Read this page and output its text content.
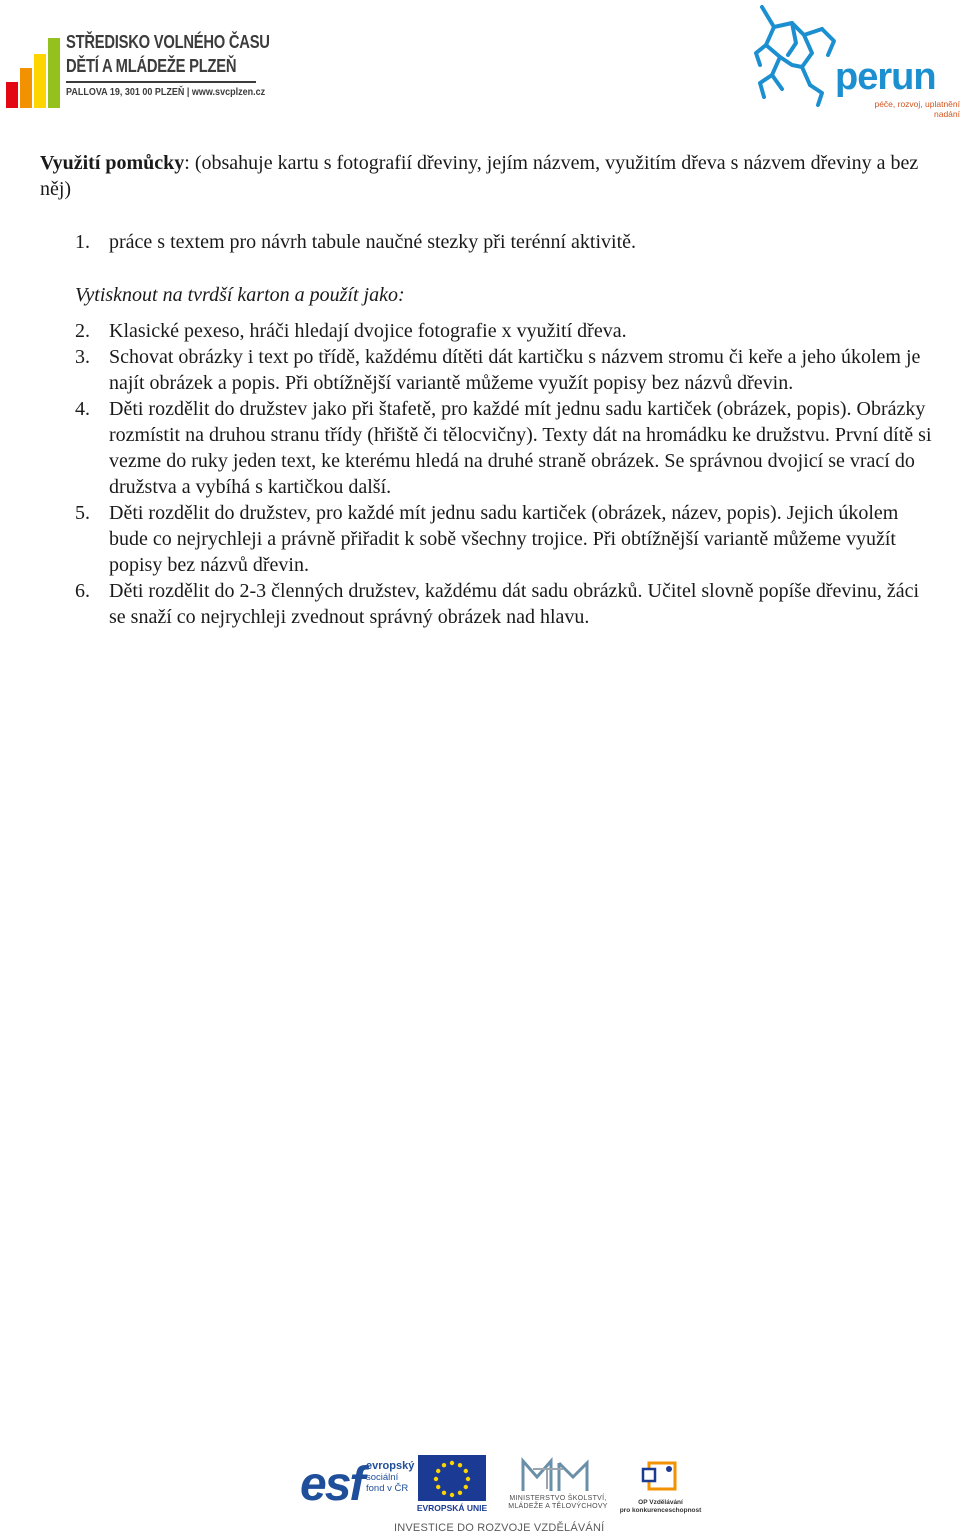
STŘEDISKO VOLNÉHO ČASU
DĚTÍ A MLÁDEŽE PLZEŇ
PALLOVA 19, 301 00 PLZEŇ | www.svcplzen.cz	perun
péče, rozvoj, uplatnění
nadání

Využití pomůcky: (obsahuje kartu s fotografií dřeviny, jejím názvem, využitím dřeva s názvem dřeviny a bez něj)

1. práce s textem pro návrh tabule naučné stezky při terénní aktivitě.

Vytisknout na tvrdší karton a použít jako:

2. Klasické pexeso, hráči hledají dvojice fotografie x využití dřeva.

3. Schovat obrázky i text po třídě, každému dítěti dát kartičku s názvem stromu či keře a jeho úkolem je najít obrázek a popis. Při obtížnější variantě můžeme využít popisy bez názvů dřevin.

4. Děti rozdělit do družstev jako při štafetě, pro každé mít jednu sadu kartiček (obrázek, popis). Obrázky rozmístit na druhou stranu třídy (hřiště či tělocvičny). Texty dát na hromádku ke družstvu. První dítě si vezme do ruky jeden text, ke kterému hledá na druhé straně obrázek. Se správnou dvojicí se vrací do družstva a vybíhá s kartičkou další.

5. Děti rozdělit do družstev, pro každé mít jednu sadu kartiček (obrázek, název, popis). Jejich úkolem bude co nejrychleji a právně přiřadit k sobě všechny trojice. Při obtížnější variantě můžeme využít popisy bez názvů dřevin.

6. Děti rozdělit do 2-3 členných družstev, každému dát sadu obrázků. Učitel slovně popíše dřevinu, žáci se snaží co nejrychleji zvednout správný obrázek nad hlavu.

esf evropský
sociální
fond v ČR
EVROPSKÁ UNIE
MINISTERSTVO ŠKOLSTVÍ,
MLÁDEŽE A TĚLOVÝCHOVY
OP Vzdělávání
pro konkurenceschopnost
INVESTICE DO ROZVOJE VZDĚLÁVÁNÍ
